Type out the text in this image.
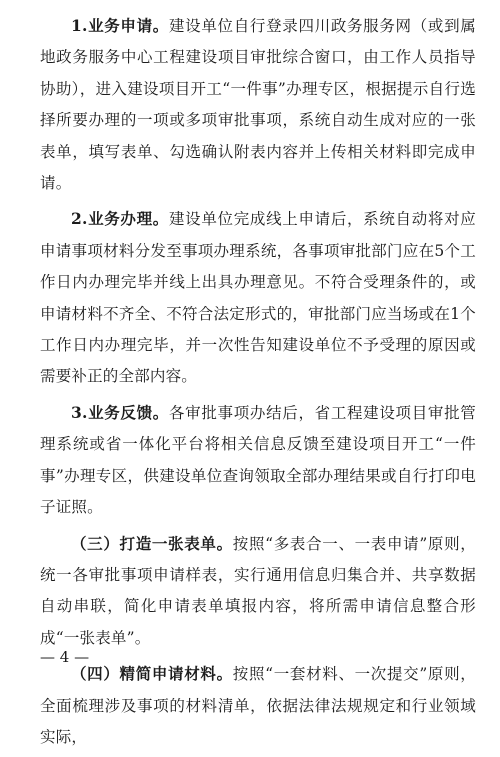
1.业务申请。建设单位自行登录四川政务服务网（或到属地政务服务中心工程建设项目审批综合窗口，由工作人员指导协助），进入建设项目开工“一件事”办理专区，根据提示自行选择所要办理的一项或多项审批事项，系统自动生成对应的一张表单，填写表单、勾选确认附表内容并上传相关材料即完成申请。

2.业务办理。建设单位完成线上申请后，系统自动将对应申请事项材料分发至事项办理系统，各事项审批部门应在5个工作日内办理完毕并线上出具办理意见。不符合受理条件的，或申请材料不齐全、不符合法定形式的，审批部门应当场或在1个工作日内办理完毕，并一次性告知建设单位不予受理的原因或需要补正的全部内容。

3.业务反馈。各审批事项办结后，省工程建设项目审批管理系统或省一体化平台将相关信息反馈至建设项目开工“一件事”办理专区，供建设单位查询领取全部办理结果或自行打印电子证照。

（三）打造一张表单。按照“多表合一、一表申请”原则，统一各审批事项申请样表，实行通用信息归集合并、共享数据自动串联，简化申请表单填报内容，将所需申请信息整合形成“一张表单”。

（四）精简申请材料。按照“一套材料、一次提交”原则，全面梳理涉及事项的材料清单，依据法律法规规定和行业领域实际，

— 4 —
